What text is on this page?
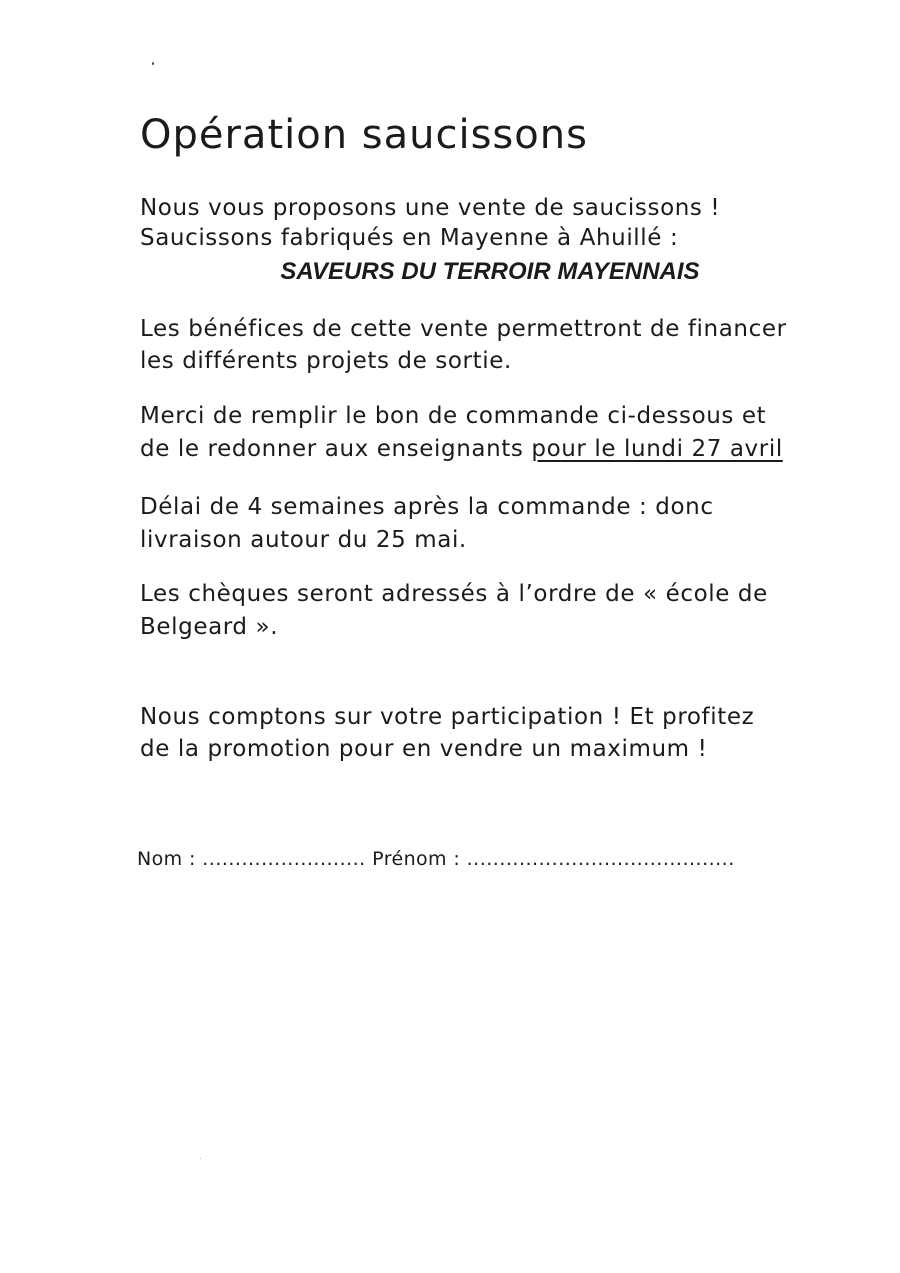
Opération saucissons

Nous vous proposons une vente de saucissons !

Saucissons fabriqués en Mayenne à Ahuillé :

SAVEURS DU TERROIR MAYENNAIS

Les bénéfices de cette vente permettront de financer

les différents projets de sortie.

Merci de remplir le bon de commande ci-dessous et

de le redonner aux enseignants pour le lundi 27 avril

Délai de 4 semaines après la commande : donc

livraison autour du 25 mai.

Les chèques seront adressés à l’ordre de « école de

Belgeard ».

Nous comptons sur votre participation ! Et profitez

de la promotion pour en vendre un maximum !

Nom : ......................... Prénom : .........................................
